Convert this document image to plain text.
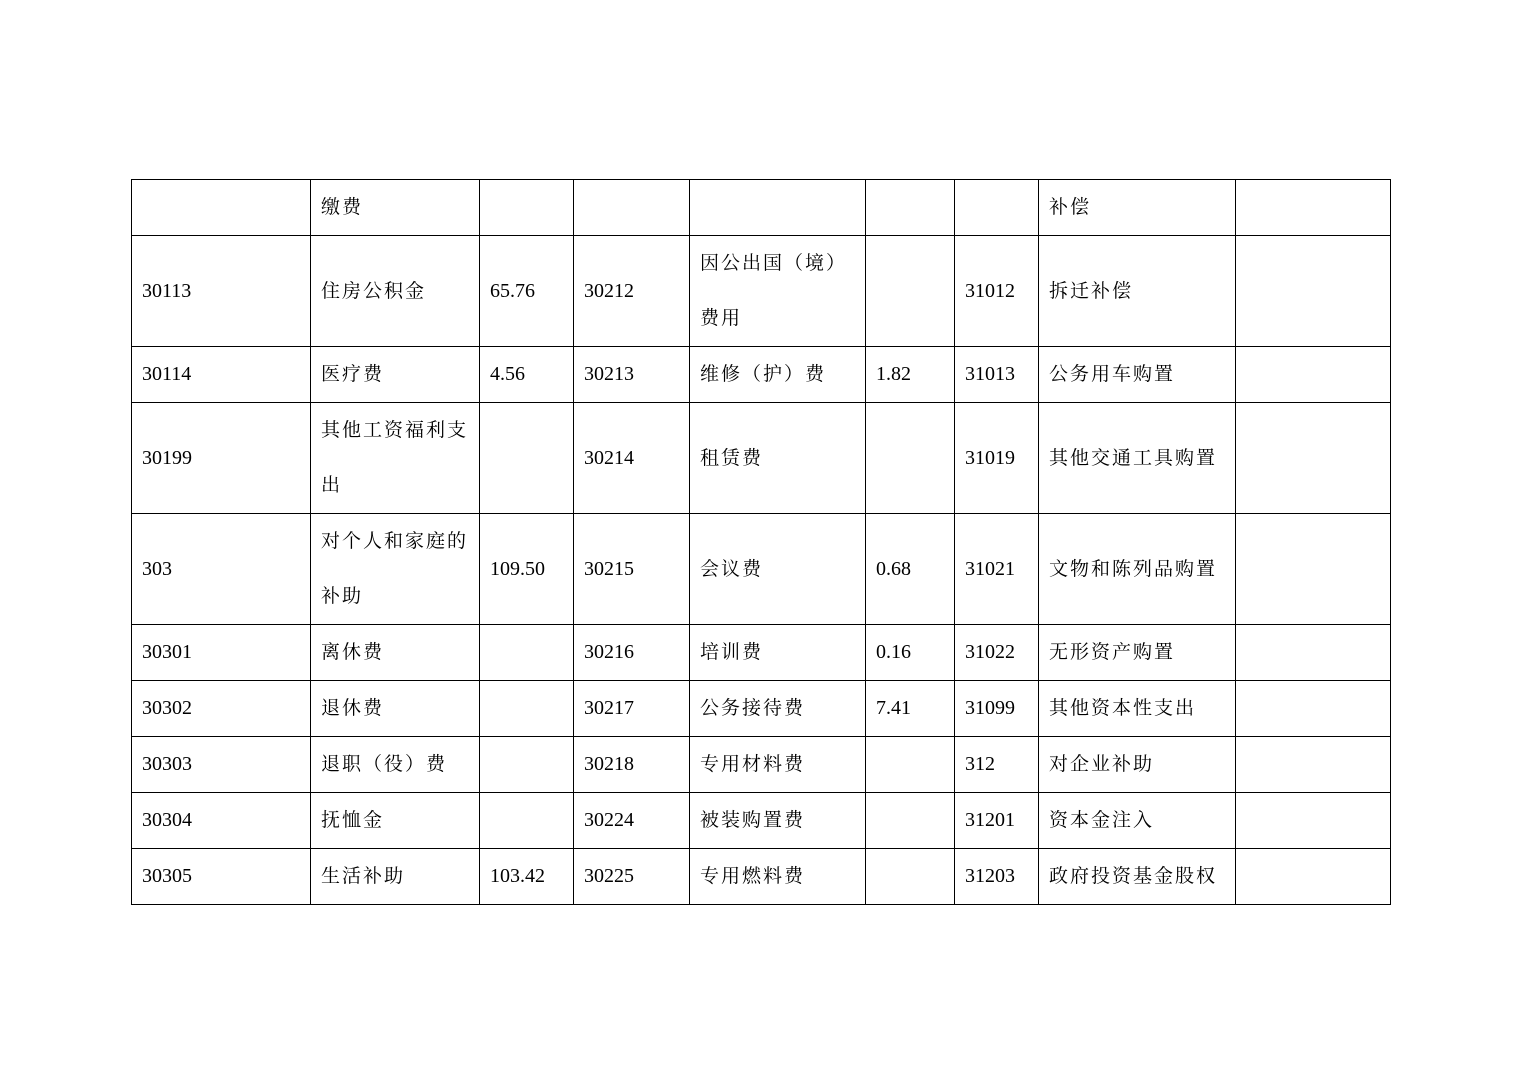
	缴费						补偿	
30113	住房公积金	65.76	30212	因公出国（境）费用		31012	拆迁补偿	
30114	医疗费	4.56	30213	维修（护）费	1.82	31013	公务用车购置	
30199	其他工资福利支出		30214	租赁费		31019	其他交通工具购置	
303	对个人和家庭的补助	109.50	30215	会议费	0.68	31021	文物和陈列品购置	
30301	离休费		30216	培训费	0.16	31022	无形资产购置	
30302	退休费		30217	公务接待费	7.41	31099	其他资本性支出	
30303	退职（役）费		30218	专用材料费		312	对企业补助	
30304	抚恤金		30224	被装购置费		31201	资本金注入	
30305	生活补助	103.42	30225	专用燃料费		31203	政府投资基金股权	
